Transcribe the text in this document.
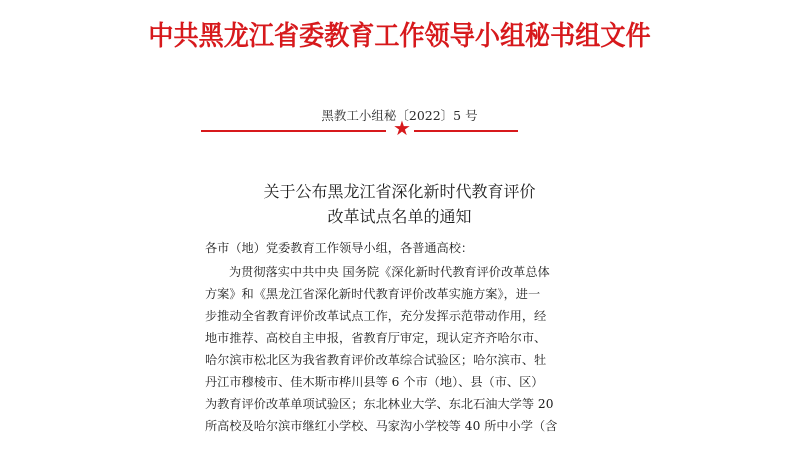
中共黑龙江省委教育工作领导小组秘书组文件
黑教工小组秘〔2022〕5 号
★
关于公布黑龙江省深化新时代教育评价
改革试点名单的通知
各市（地）党委教育工作领导小组，各普通高校：
为贯彻落实中共中央 国务院《深化新时代教育评价改革总体
方案》和《黑龙江省深化新时代教育评价改革实施方案》，进一
步推动全省教育评价改革试点工作，充分发挥示范带动作用，经
地市推荐、高校自主申报，省教育厅审定，现认定齐齐哈尔市、
哈尔滨市松北区为我省教育评价改革综合试验区；哈尔滨市、牡
丹江市穆棱市、佳木斯市桦川县等 6 个市（地）、县（市、区）
为教育评价改革单项试验区；东北林业大学、东北石油大学等 20
所高校及哈尔滨市继红小学校、马家沟小学校等 40 所中小学（含
